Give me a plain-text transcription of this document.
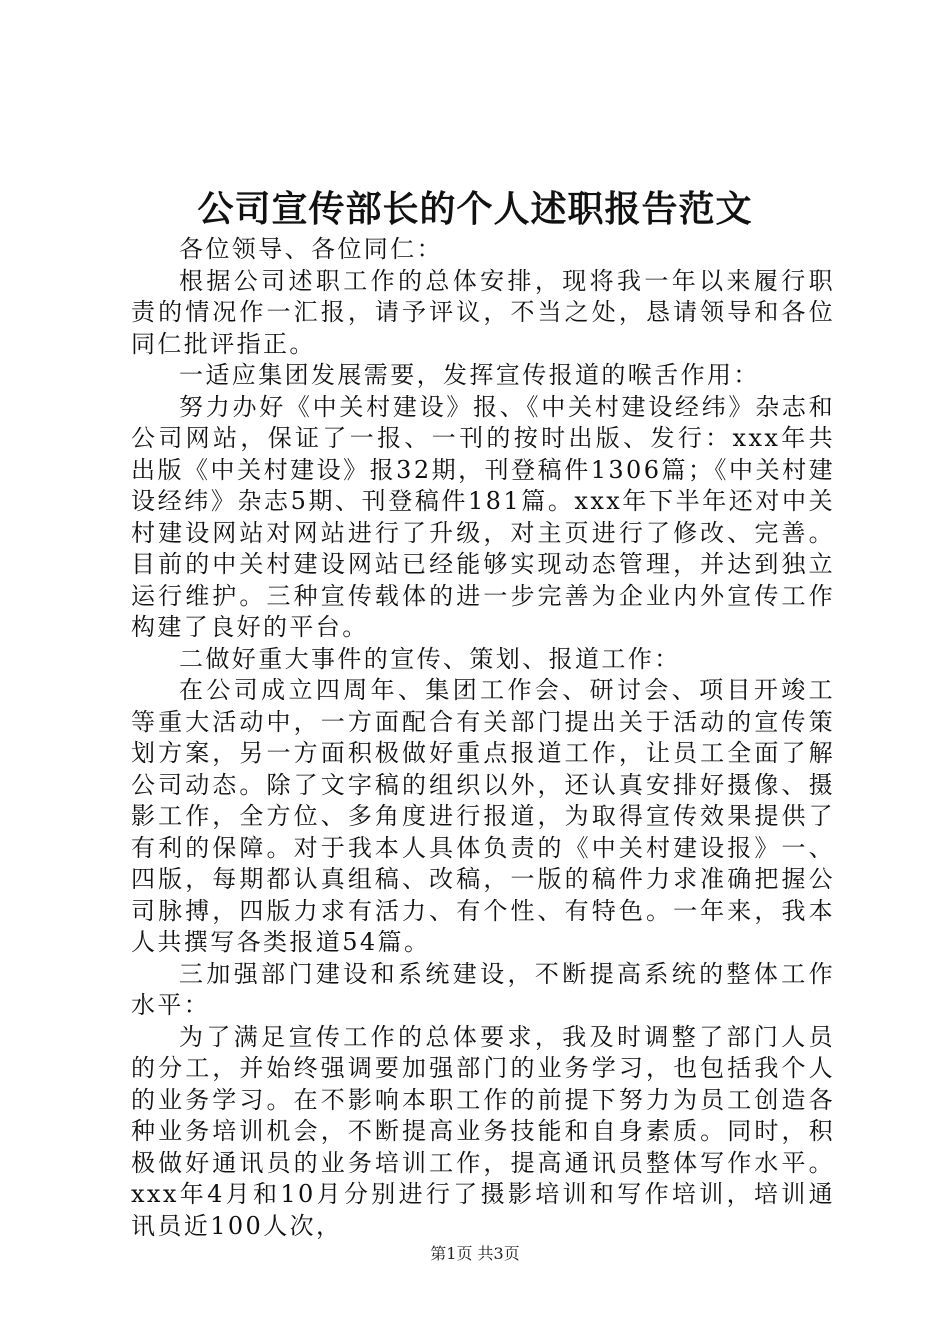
公司宣传部长的个人述职报告范文

各位领导、各位同仁：

根据公司述职工作的总体安排，现将我一年以来履行职责的情况作一汇报，请予评议，不当之处，恳请领导和各位同仁批评指正。

一适应集团发展需要，发挥宣传报道的喉舌作用：

努力办好《中关村建设》报、《中关村建设经纬》杂志和公司网站，保证了一报、一刊的按时出版、发行：xxx年共出版《中关村建设》报32期，刊登稿件1306篇；《中关村建设经纬》杂志5期、刊登稿件181篇。xxx年下半年还对中关村建设网站对网站进行了升级，对主页进行了修改、完善。目前的中关村建设网站已经能够实现动态管理，并达到独立运行维护。三种宣传载体的进一步完善为企业内外宣传工作构建了良好的平台。

二做好重大事件的宣传、策划、报道工作：

在公司成立四周年、集团工作会、研讨会、项目开竣工等重大活动中，一方面配合有关部门提出关于活动的宣传策划方案，另一方面积极做好重点报道工作，让员工全面了解公司动态。除了文字稿的组织以外，还认真安排好摄像、摄影工作，全方位、多角度进行报道，为取得宣传效果提供了有利的保障。对于我本人具体负责的《中关村建设报》一、四版，每期都认真组稿、改稿，一版的稿件力求准确把握公司脉搏，四版力求有活力、有个性、有特色。一年来，我本人共撰写各类报道54篇。

三加强部门建设和系统建设，不断提高系统的整体工作水平：

为了满足宣传工作的总体要求，我及时调整了部门人员的分工，并始终强调要加强部门的业务学习，也包括我个人的业务学习。在不影响本职工作的前提下努力为员工创造各种业务培训机会，不断提高业务技能和自身素质。同时，积极做好通讯员的业务培训工作，提高通讯员整体写作水平。xxx年4月和10月分别进行了摄影培训和写作培训，培训通讯员近100人次，

第1页 共3页
